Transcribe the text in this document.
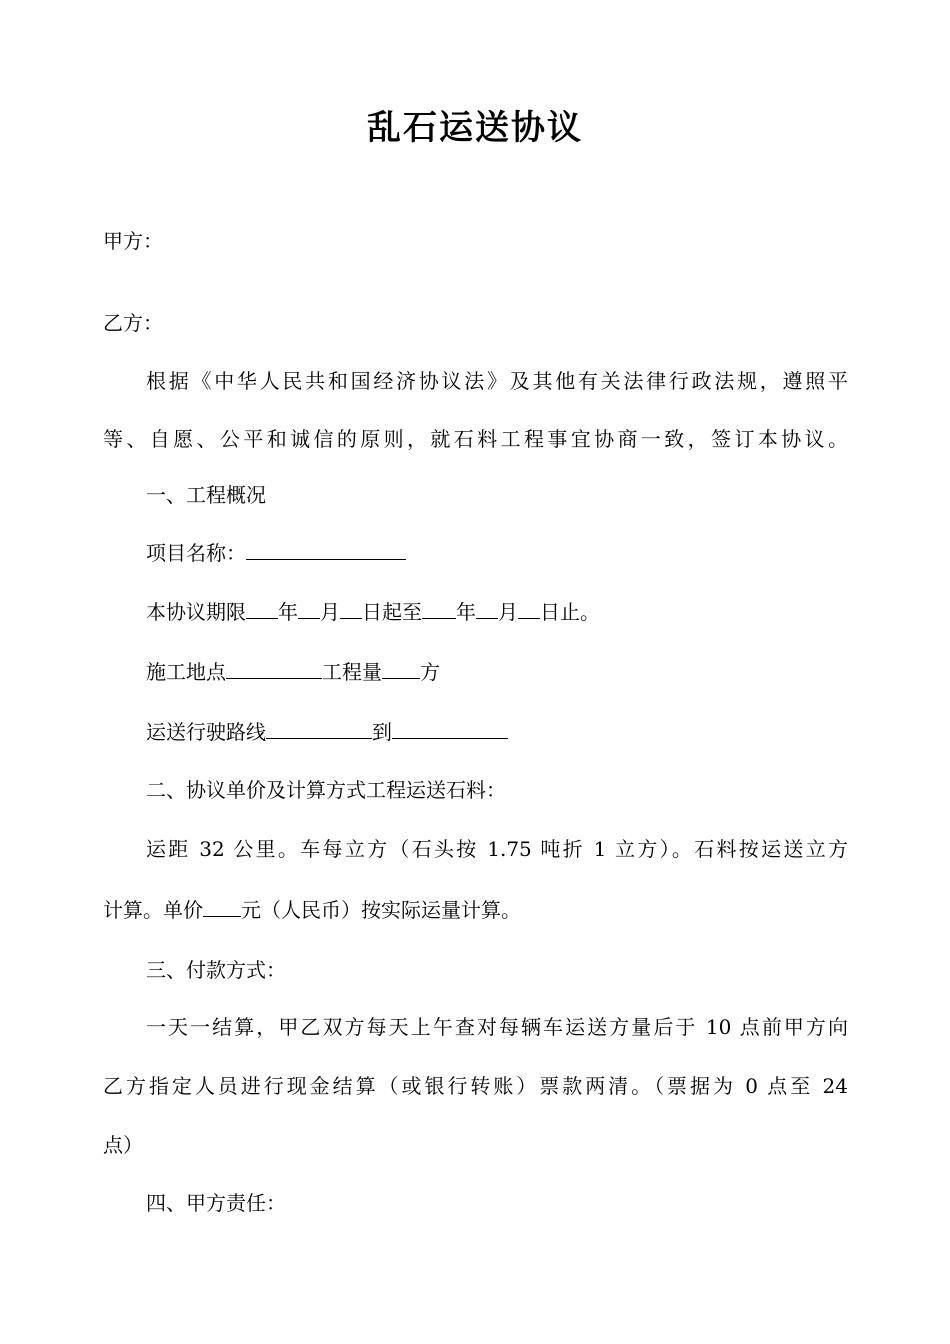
乱石运送协议
甲方：
乙方：
根据《中华人民共和国经济协议法》及其他有关法律行政法规，遵照平
等、自愿、公平和诚信的原则，就石料工程事宜协商一致，签订本协议。
一、工程概况
项目名称：
本协议期限 年 月 日起至 年 月 日止。
施工地点	工程量 方
运送行驶路线	到
二、协议单价及计算方式工程运送石料：
运距 32 公里。车每立方（石头按 1.75 吨折 1 立方）。石料按运送立方
计算。单价 元（人民币）按实际运量计算。
三、付款方式：
一天一结算，甲乙双方每天上午查对每辆车运送方量后于 10 点前甲方向
乙方指定人员进行现金结算（或银行转账）票款两清。（票据为 0 点至 24
点）
四、甲方责任：
